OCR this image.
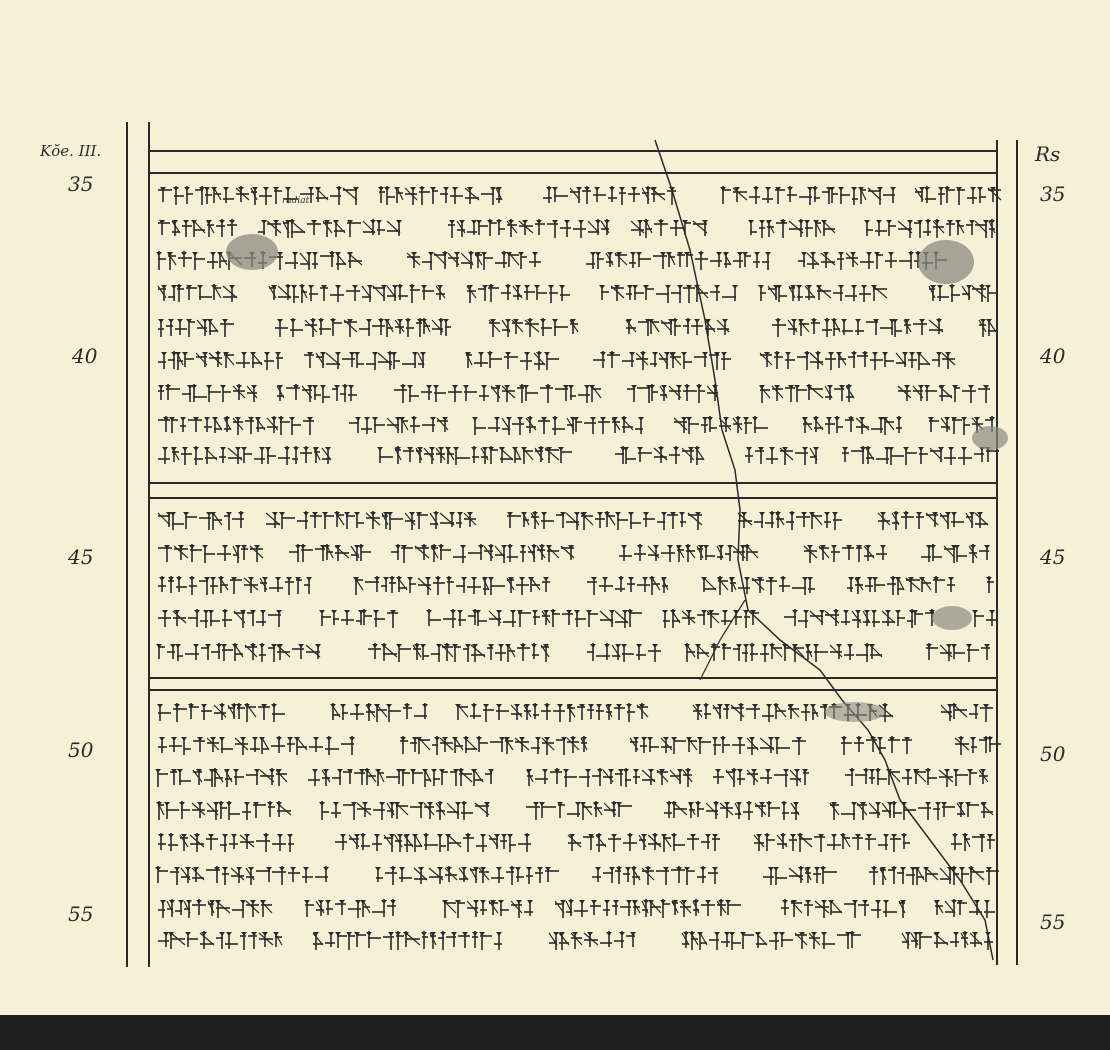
Kŏe. III.
35
40
45
50
55
Rs
35
40
45
50
55
radiat
